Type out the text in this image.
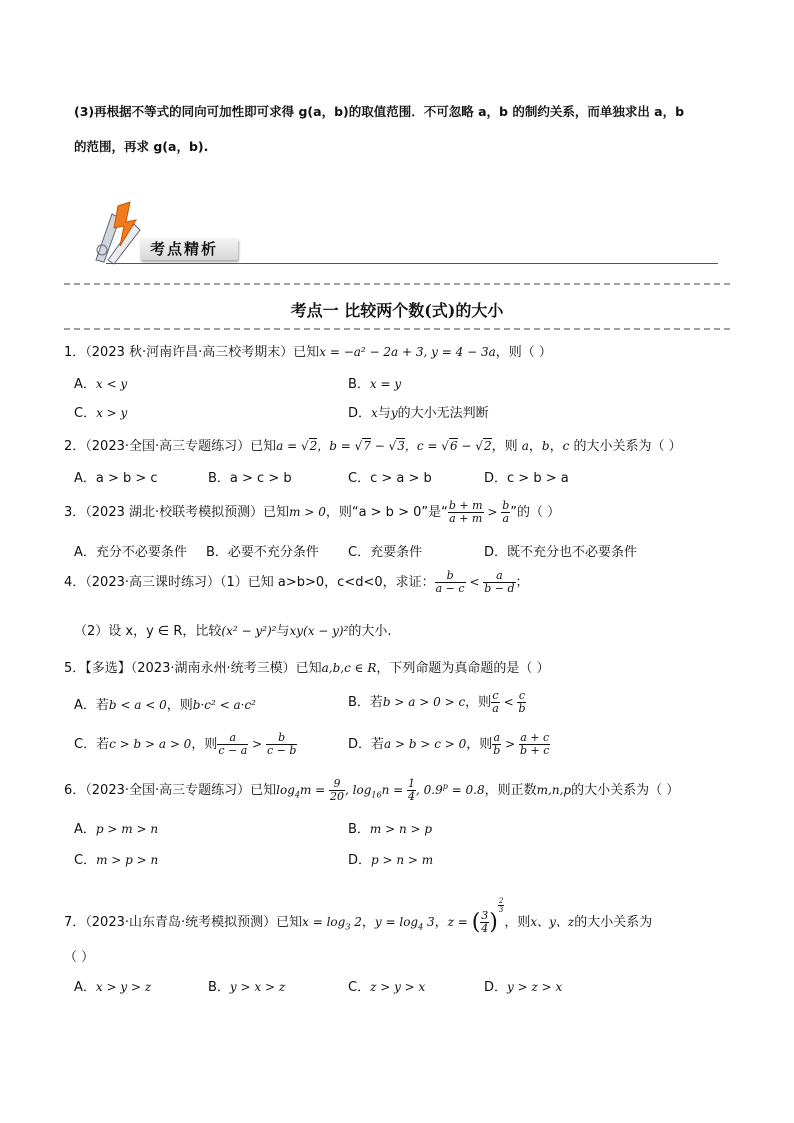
(3)再根据不等式的同向可加性即可求得 g(a，b)的取值范围．不可忽略 a，b 的制约关系，而单独求出 a，b
的范围，再求 g(a，b).
考点精析
考点一 比较两个数(式)的大小
1．（2023 秋·河南许昌·高三校考期末）已知x = −a² − 2a + 3, y = 4 − 3a，则（ ）
A．x < y	B．x = y
C．x > y	D．x与y的大小无法判断
2．（2023·全国·高三专题练习）已知a = √2，b = √7 − √3，c = √6 − √2，则 a，b，c 的大小关系为（ ）
A．a > b > c	B．a > c > b	C．c > a > b	D．c > b > a
3．（2023 湖北·校联考模拟预测）已知m > 0，则“a > b > 0”是“ $\frac{b + m}{a + m} > \frac{b}{a}$ ”的（ ）
A．充分不必要条件 B．必要不充分条件 C．充要条件	D．既不充分也不必要条件
4．（2023·高三课时练习）（1）已知 a>b>0，c<d<0，求证： $\frac{b}{a - c} < \frac{a}{b - d}$ ；
（2）设 x，y ∈ R，比较(x² − y²)²与xy(x − y)²的大小.
5．【多选】（2023·湖南永州·统考三模）已知a,b,c ∈ R，下列命题为真命题的是（ ）
A．若b < a < 0，则b·c² < a·c²	B．若b > a > 0 > c，则 $\frac{c}{a} < \frac{c}{b}$
C．若c > b > a > 0，则 $\frac{a}{c - a} > \frac{b}{c - b}$	D．若a > b > c > 0，则 $\frac{a}{b} > \frac{a + c}{b + c}$
6．（2023·全国·高三专题练习）已知$\log_4m = \frac{9}{20}$ , $\log_{16}n = \frac{1}{4}$ , $0.9^p = 0.8$，则正数m,n,p的大小关系为（ ）
A．p > m > n	B．m > n > p
C．m > p > n	D．p > n > m
7．（2023·山东青岛·统考模拟预测）已知$x = \log_3 2$，$y = \log_4 3$，z = ( $\frac{3}{4}$ )
$^{\frac{2}{3}}$
，则x、y、z的大小关系为
（ ）
A．x > y > z	B．y > x > z	C．z > y > x	D．y > z > x
